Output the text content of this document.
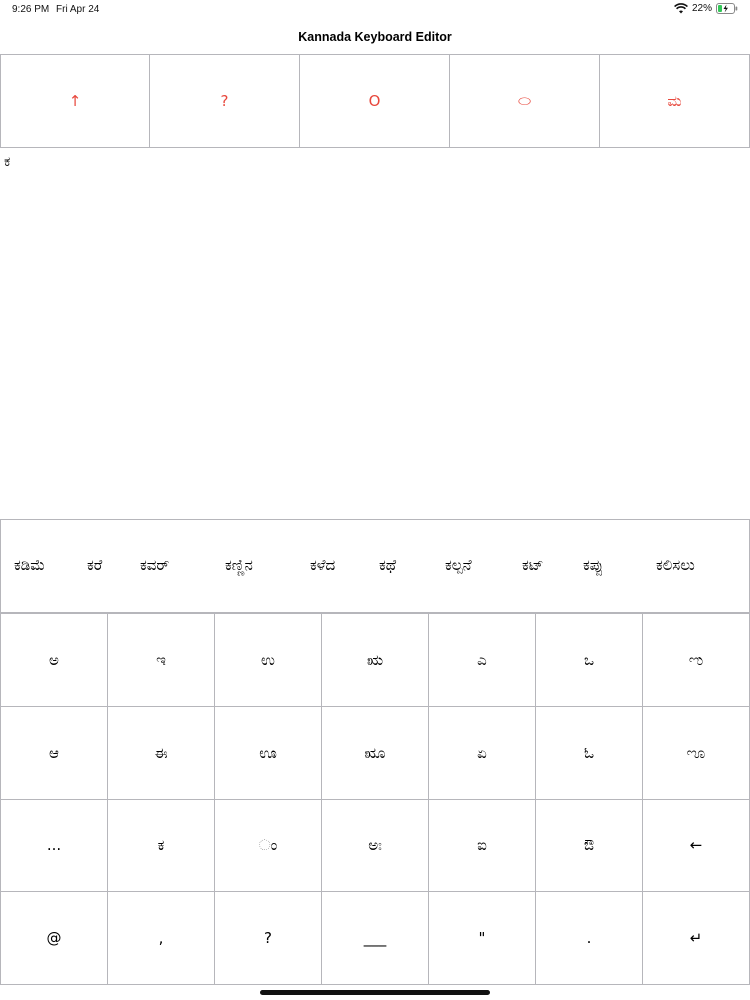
9:26 PM Fri Apr 24	22%
Kannada Keyboard Editor
↑	?	O	⬭	ಮ
ಕ
ಕಡಿಮೆ	ಕರೆ	ಕವರ್	ಕಣ್ಣಿನ	ಕಳೆದ	ಕಥೆ	ಕಲ್ಪನೆ	ಕಟ್	ಕಪ್ಪು	ಕಲಿಸಲು
ಅ	ಇ	ಉ	ಋ	ಎ	ಒ	ಌ
ಆ	ಈ	ಊ	ೠ	ಏ	ಓ	ೡ
...	ಕ	◌ಂ	ಅಃ	ಐ	ಔ	←
@	,	?	___	"	.	↵
